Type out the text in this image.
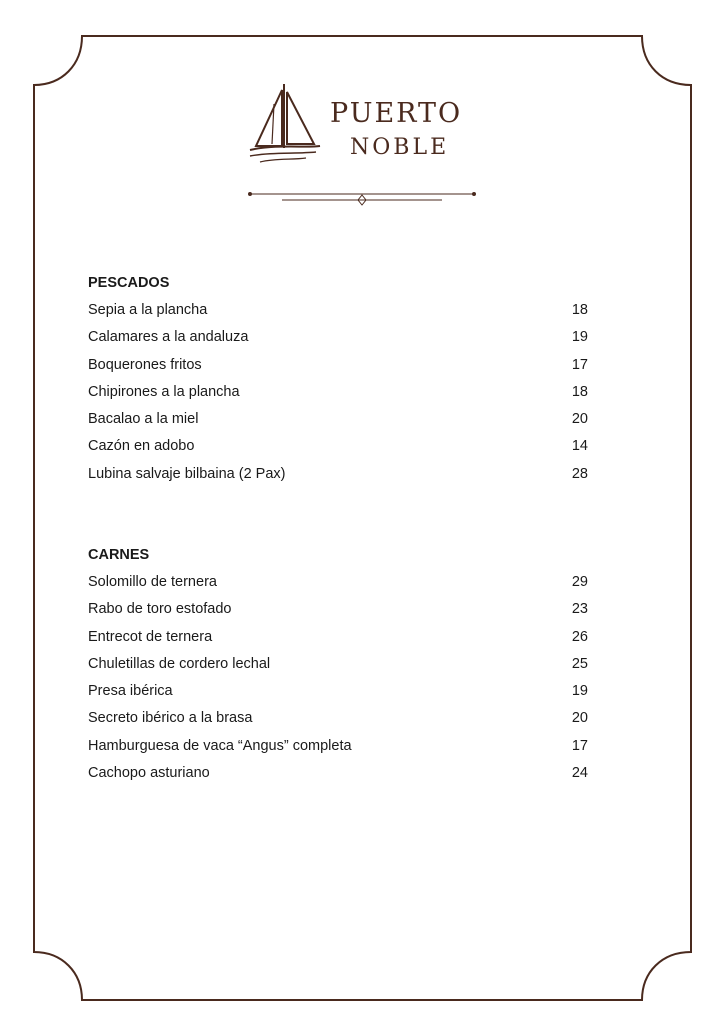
PUERTO
NOBLE
PESCADOS
Sepia a la plancha	18
Calamares a la andaluza	19
Boquerones fritos	17
Chipirones a la plancha	18
Bacalao a la miel	20
Cazón en adobo	14
Lubina salvaje bilbaina (2 Pax)	28
CARNES
Solomillo de ternera	29
Rabo de toro estofado	23
Entrecot de ternera	26
Chuletillas de cordero lechal	25
Presa ibérica	19
Secreto ibérico a la brasa	20
Hamburguesa de vaca “Angus” completa	17
Cachopo asturiano	24
